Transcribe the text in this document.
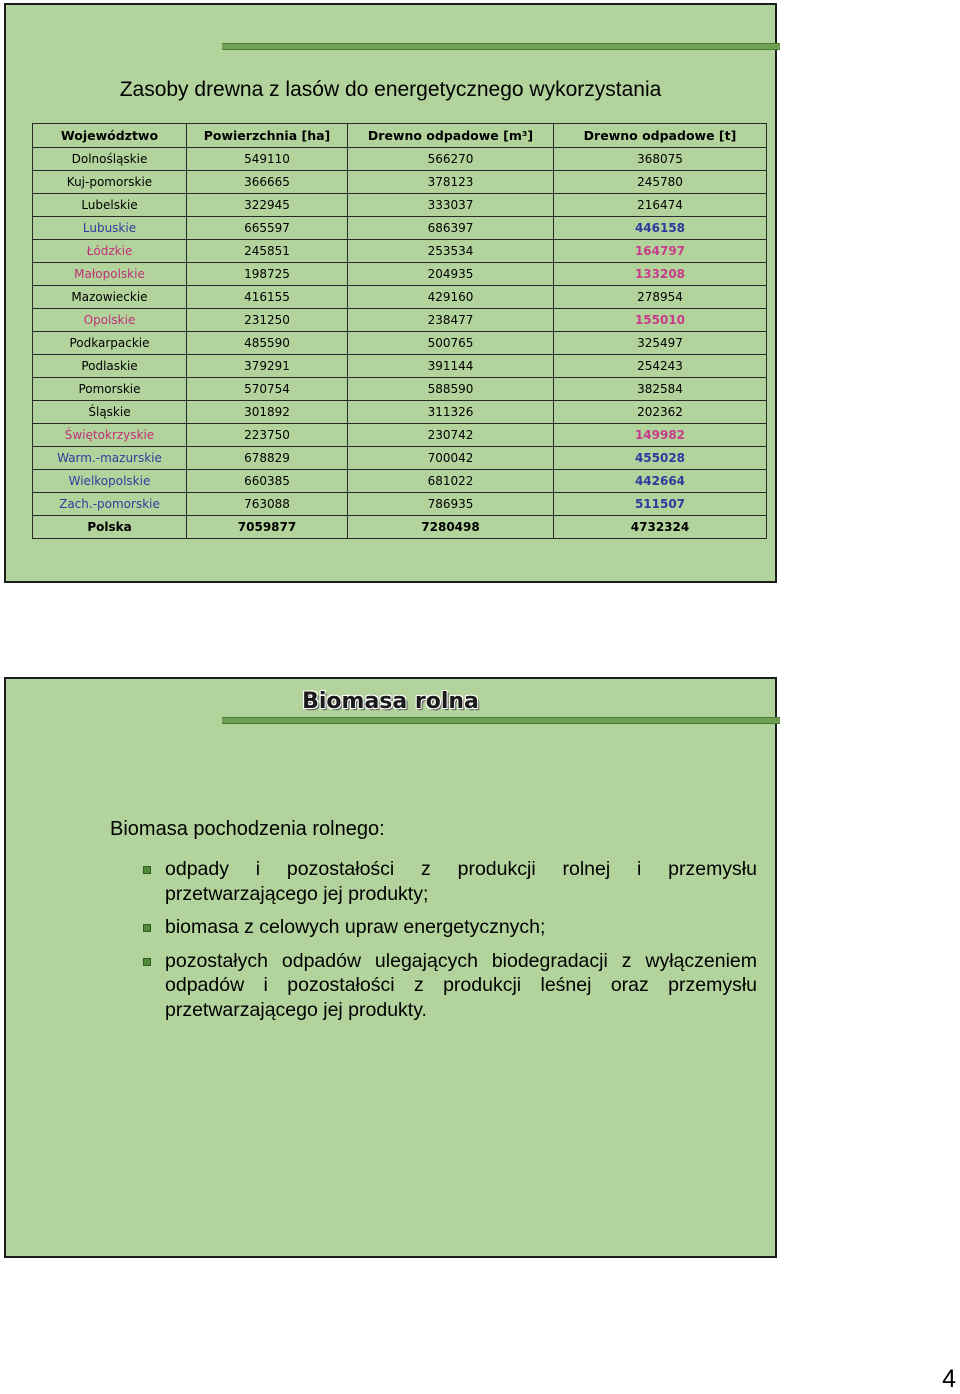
Zasoby drewna z lasów do energetycznego wykorzystania
Województwo	Powierzchnia [ha]	Drewno odpadowe [m³]	Drewno odpadowe [t]
Dolnośląskie	549110	566270	368075
Kuj-pomorskie	366665	378123	245780
Lubelskie	322945	333037	216474
Lubuskie	665597	686397	446158
Łódzkie	245851	253534	164797
Małopolskie	198725	204935	133208
Mazowieckie	416155	429160	278954
Opolskie	231250	238477	155010
Podkarpackie	485590	500765	325497
Podlaskie	379291	391144	254243
Pomorskie	570754	588590	382584
Śląskie	301892	311326	202362
Świętokrzyskie	223750	230742	149982
Warm.-mazurskie	678829	700042	455028
Wielkopolskie	660385	681022	442664
Zach.-pomorskie	763088	786935	511507
Polska	7059877	7280498	4732324
Biomasa rolna
Biomasa pochodzenia rolnego:
odpady i pozostałości z produkcji rolnej i przemysłu przetwarzającego jej produkty;
biomasa z celowych upraw energetycznych;
pozostałych odpadów ulegających biodegradacji z wyłączeniem odpadów i pozostałości z produkcji leśnej oraz przemysłu przetwarzającego jej produkty.
4
